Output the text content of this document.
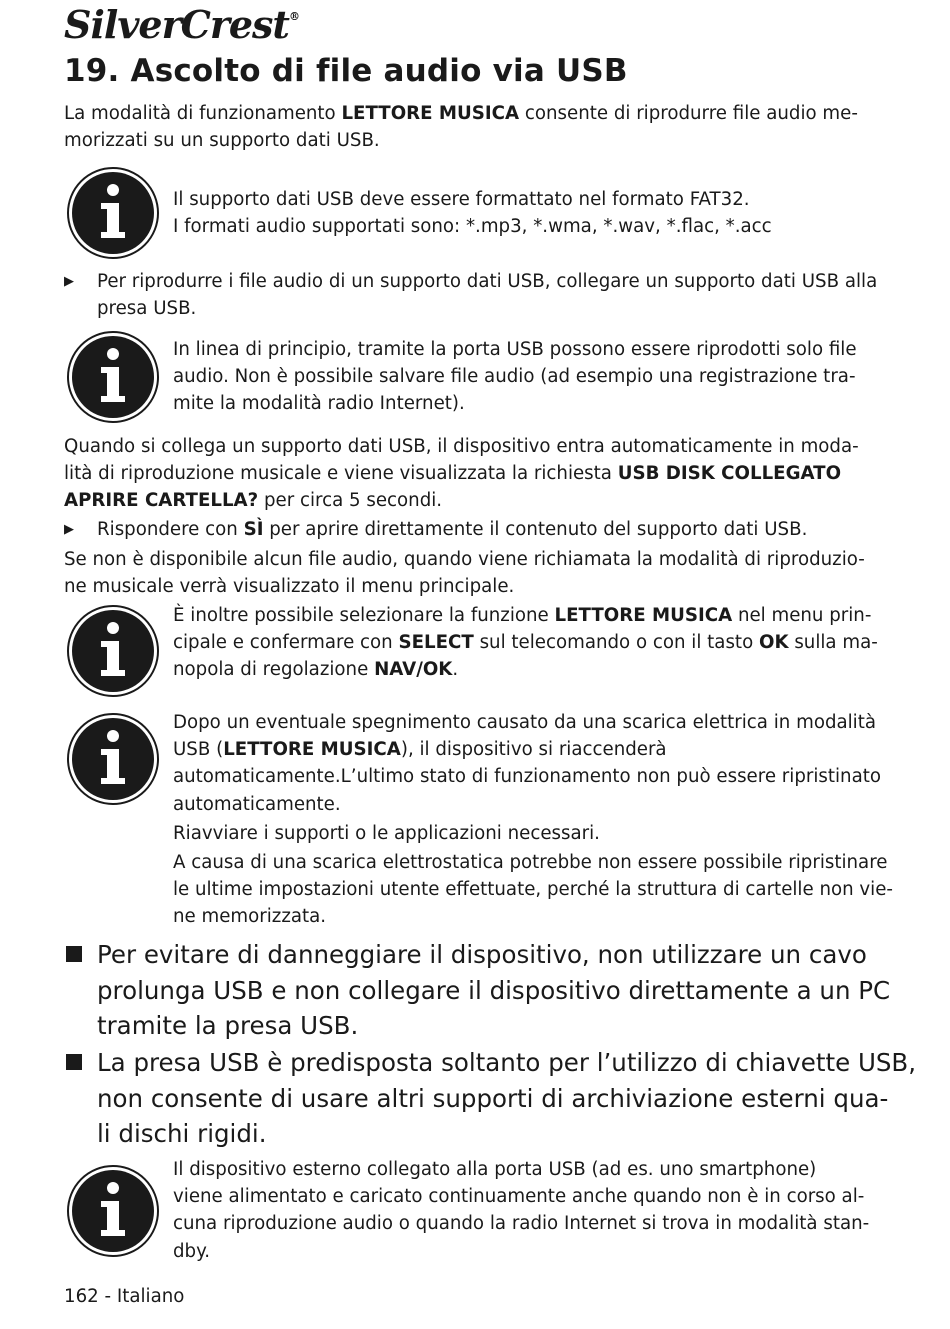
SilverCrest®
19. Ascolto di file audio via USB

La modalità di funzionamento LETTORE MUSICA consente di riprodurre file audio me-
morizzati su un supporto dati USB.

Il supporto dati USB deve essere formattato nel formato FAT32.
I formati audio supportati sono: *.mp3, *.wma, *.wav, *.flac, *.acc

▶	Per riprodurre i file audio di un supporto dati USB, collegare un supporto dati USB alla
presa USB.

In linea di principio, tramite la porta USB possono essere riprodotti solo file
audio. Non è possibile salvare file audio (ad esempio una registrazione tra-
mite la modalità radio Internet).

Quando si collega un supporto dati USB, il dispositivo entra automaticamente in moda-
lità di riproduzione musicale e viene visualizzata la richiesta USB DISK COLLEGATO
APRIRE CARTELLA? per circa 5 secondi.

▶	Rispondere con SÌ per aprire direttamente il contenuto del supporto dati USB.

Se non è disponibile alcun file audio, quando viene richiamata la modalità di riproduzio-
ne musicale verrà visualizzato il menu principale.

È inoltre possibile selezionare la funzione LETTORE MUSICA nel menu prin-
cipale e confermare con SELECT sul telecomando o con il tasto OK sulla ma-
nopola di regolazione NAV/OK.

Dopo un eventuale spegnimento causato da una scarica elettrica in modalità
USB (LETTORE MUSICA), il dispositivo si riaccenderà
automaticamente.L’ultimo stato di funzionamento non può essere ripristinato
automaticamente.
Riavviare i supporti o le applicazioni necessari.
A causa di una scarica elettrostatica potrebbe non essere possibile ripristinare
le ultime impostazioni utente effettuate, perché la struttura di cartelle non vie-
ne memorizzata.

Per evitare di danneggiare il dispositivo, non utilizzare un cavo
prolunga USB e non collegare il dispositivo direttamente a un PC
tramite la presa USB.
La presa USB è predisposta soltanto per l’utilizzo di chiavette USB,
non consente di usare altri supporti di archiviazione esterni qua-
li dischi rigidi.

Il dispositivo esterno collegato alla porta USB (ad es. uno smartphone)
viene alimentato e caricato continuamente anche quando non è in corso al-
cuna riproduzione audio o quando la radio Internet si trova in modalità stan-
dby.

162 - Italiano
